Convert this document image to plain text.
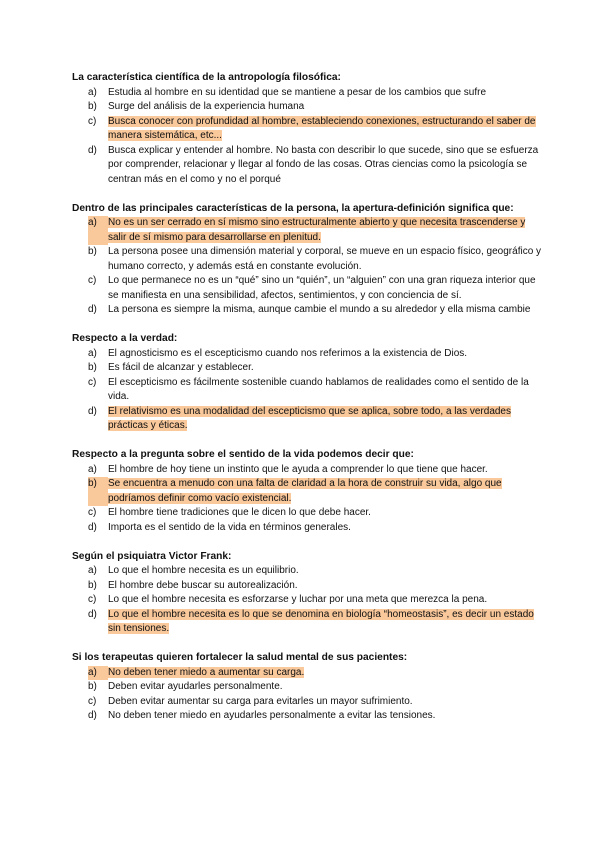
La característica científica de la antropología filosófica:

a)	Estudia al hombre en su identidad que se mantiene a pesar de los cambios que sufre
b)	Surge del análisis de la experiencia humana
c)	Busca conocer con profundidad al hombre, estableciendo conexiones, estructurando el saber de manera sistemática, etc...
d)	Busca explicar y entender al hombre. No basta con describir lo que sucede, sino que se esfuerza por comprender, relacionar y llegar al fondo de las cosas. Otras ciencias como la psicología se centran más en el como y no el porqué

Dentro de las principales características de la persona, la apertura-definición significa que:

a)	No es un ser cerrado en sí mismo sino estructuralmente abierto y que necesita trascenderse y salir de sí mismo para desarrollarse en plenitud.
b)	La persona posee una dimensión material y corporal, se mueve en un espacio físico, geográfico y humano correcto, y además está en constante evolución.
c)	Lo que permanece no es un “qué” sino un “quién”, un “alguien” con una gran riqueza interior que se manifiesta en una sensibilidad, afectos, sentimientos, y con conciencia de sí.
d)	La persona es siempre la misma, aunque cambie el mundo a su alrededor y ella misma cambie

Respecto a la verdad:

a)	El agnosticismo es el escepticismo cuando nos referimos a la existencia de Dios.
b)	Es fácil de alcanzar y establecer.
c)	El escepticismo es fácilmente sostenible cuando hablamos de realidades como el sentido de la vida.
d)	El relativismo es una modalidad del escepticismo que se aplica, sobre todo, a las verdades prácticas y éticas.

Respecto a la pregunta sobre el sentido de la vida podemos decir que:

a)	El hombre de hoy tiene un instinto que le ayuda a comprender lo que tiene que hacer.
b)	Se encuentra a menudo con una falta de claridad a la hora de construir su vida, algo que podríamos definir como vacío existencial.
c)	El hombre tiene tradiciones que le dicen lo que debe hacer.
d)	Importa es el sentido de la vida en términos generales.

Según el psiquiatra Victor Frank:

a)	Lo que el hombre necesita es un equilibrio.
b)	El hombre debe buscar su autorealización.
c)	Lo que el hombre necesita es esforzarse y luchar por una meta que merezca la pena.
d)	Lo que el hombre necesita es lo que se denomina en biología “homeostasis”, es decir un estado sin tensiones.

Si los terapeutas quieren fortalecer la salud mental de sus pacientes:

a)	No deben tener miedo a aumentar su carga.
b)	Deben evitar ayudarles personalmente.
c)	Deben evitar aumentar su carga para evitarles un mayor sufrimiento.
d)	No deben tener miedo en ayudarles personalmente a evitar las tensiones.
